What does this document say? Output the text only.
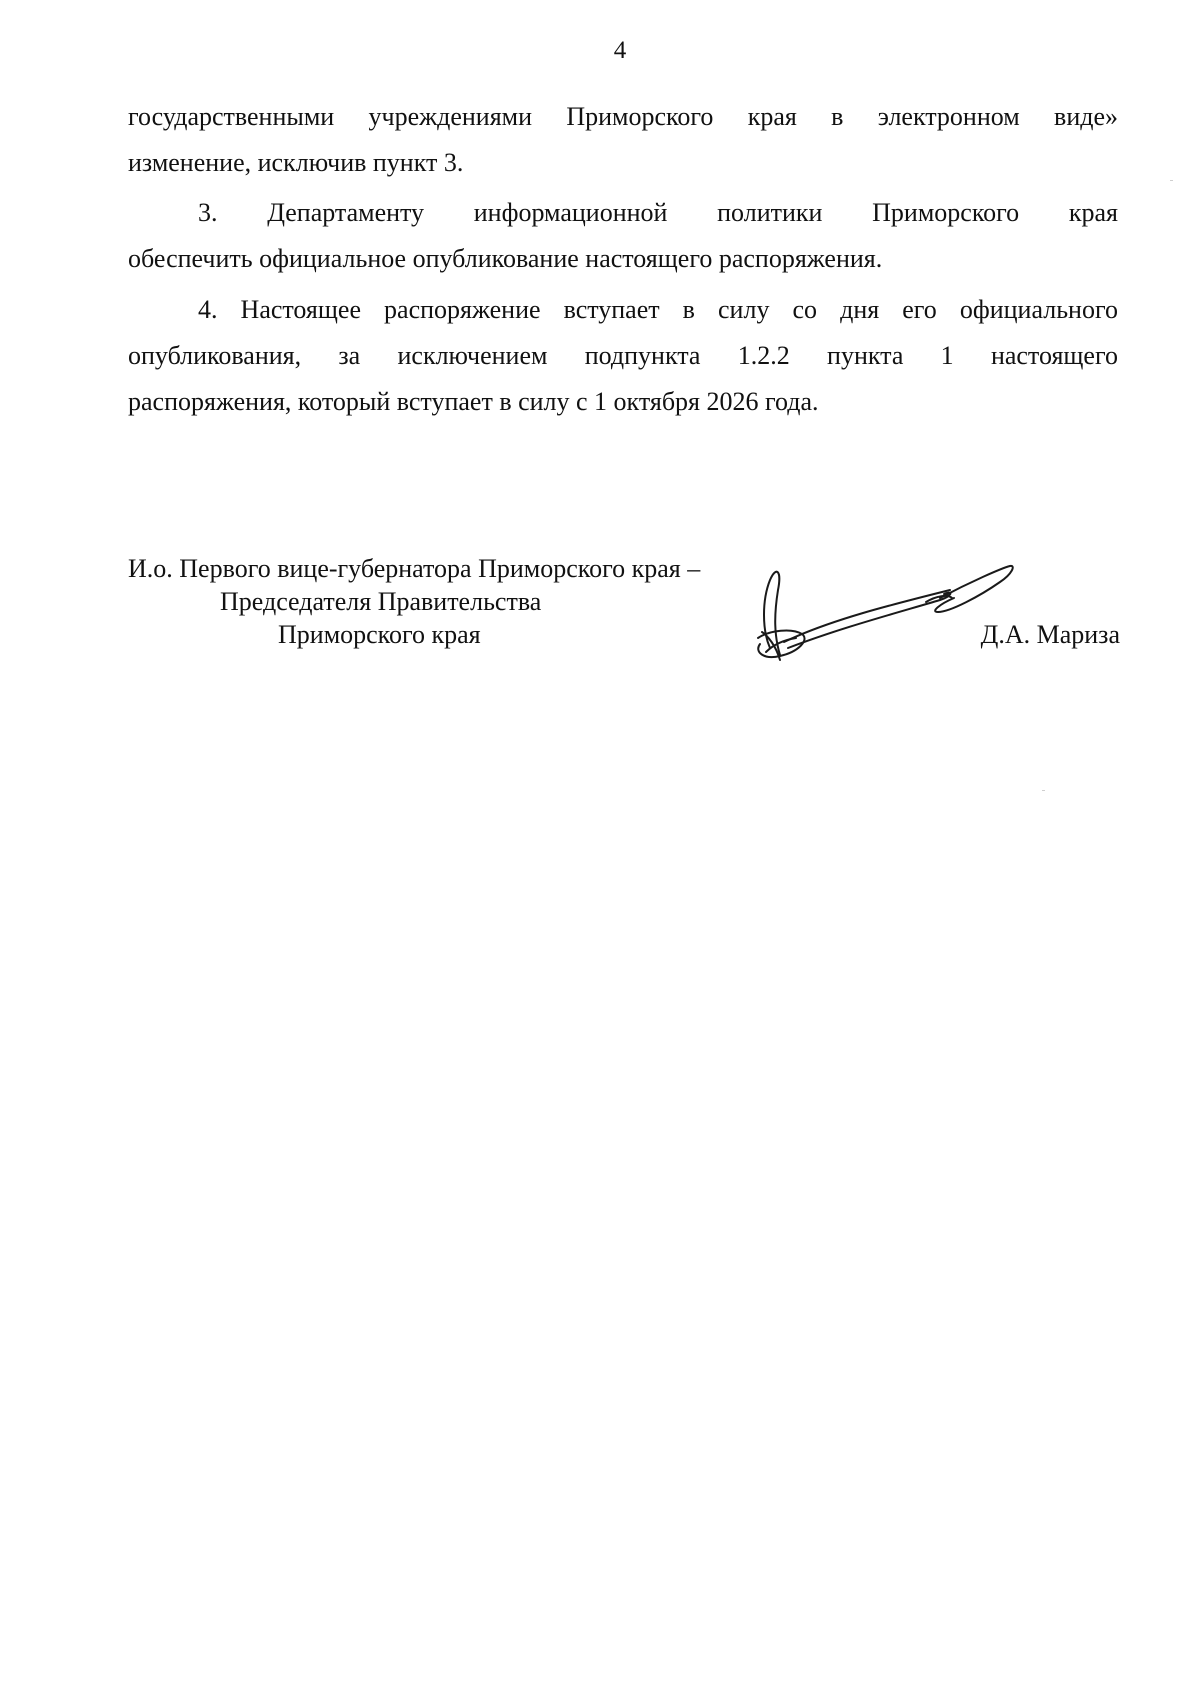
4
государственными учреждениями Приморского края в электронном виде»
изменение, исключив пункт 3.
3. Департаменту информационной политики Приморского края
обеспечить официальное опубликование настоящего распоряжения.
4. Настоящее распоряжение вступает в силу со дня его официального
опубликования, за исключением подпункта 1.2.2 пункта 1 настоящего
распоряжения, который вступает в силу с 1 октября 2026 года.
И.о. Первого вице-губернатора Приморского края –
Председателя Правительства
Приморского края	Д.А. Мариза
